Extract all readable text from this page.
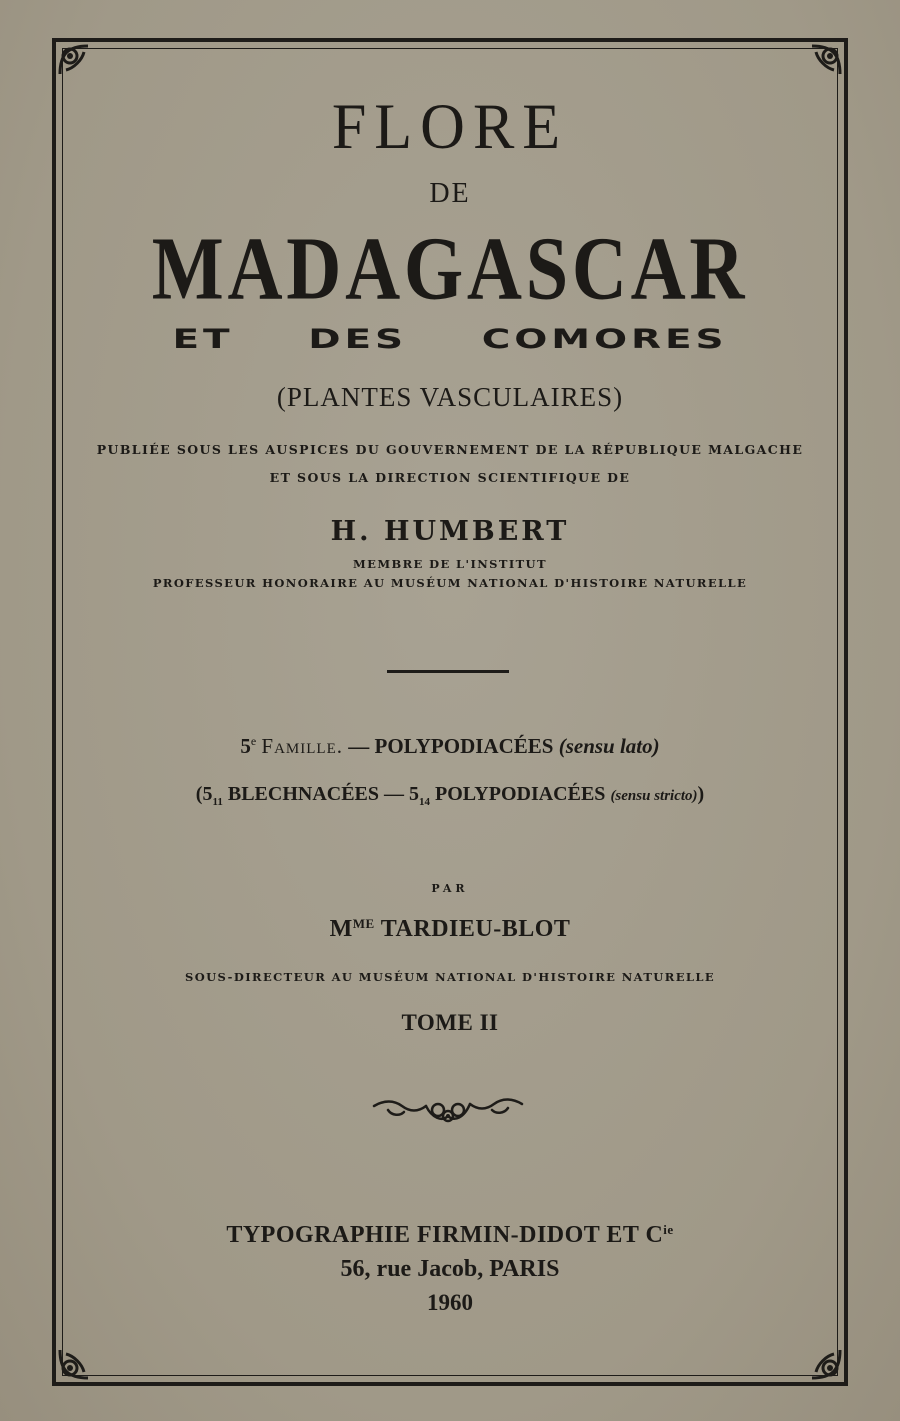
FLORE
DE
MADAGASCAR
ET DES COMORES
(PLANTES VASCULAIRES)
PUBLIÉE SOUS LES AUSPICES DU GOUVERNEMENT DE LA RÉPUBLIQUE MALGACHE
ET SOUS LA DIRECTION SCIENTIFIQUE DE
H. HUMBERT
MEMBRE DE L'INSTITUT
PROFESSEUR HONORAIRE AU MUSÉUM NATIONAL D'HISTOIRE NATURELLE
5e Famille. — POLYPODIACÉES (sensu lato)
($5_{11}$ BLECHNACÉES — $5_{14}$ POLYPODIACÉES (sensu stricto))
PAR
$M^{ME}$ TARDIEU-BLOT
SOUS-DIRECTEUR AU MUSÉUM NATIONAL D'HISTOIRE NATURELLE
TOME II
TYPOGRAPHIE FIRMIN-DIDOT ET $C^{ie}$
56, rue Jacob, PARIS
1960
